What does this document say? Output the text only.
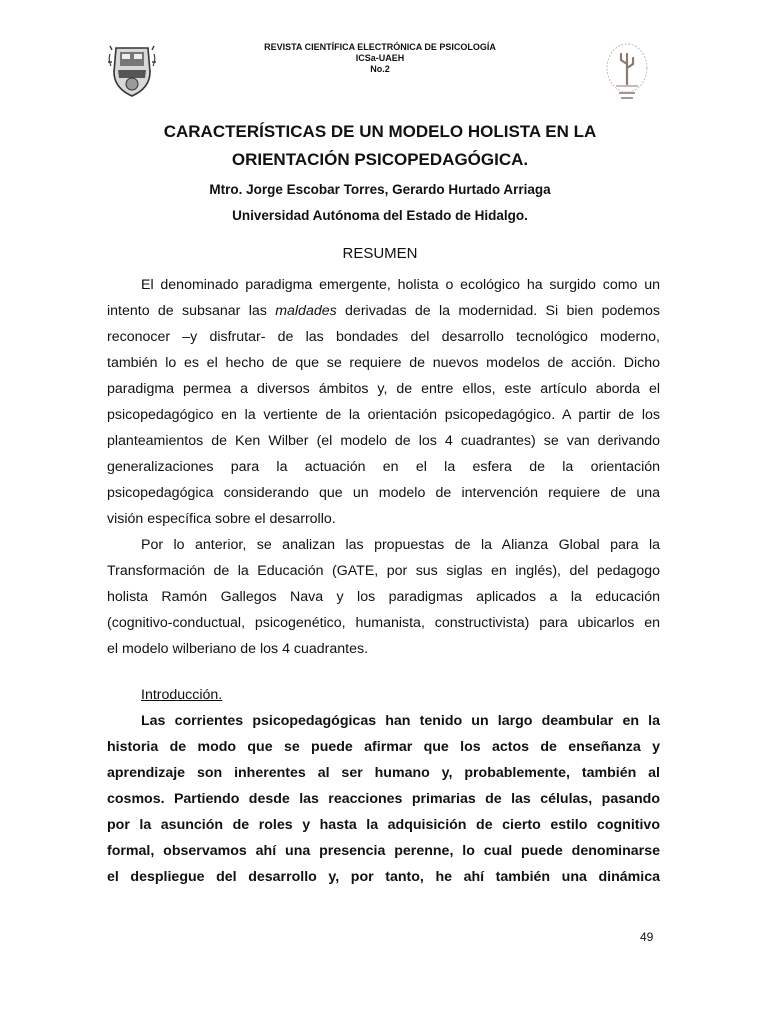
REVISTA CIENTÍFICA ELECTRÓNICA DE PSICOLOGÍA
ICSa-UAEH
No.2
CARACTERÍSTICAS DE UN MODELO HOLISTA EN LA
ORIENTACIÓN PSICOPEDAGÓGICA.
Mtro. Jorge Escobar Torres, Gerardo Hurtado Arriaga
Universidad Autónoma del Estado de Hidalgo.
RESUMEN
El denominado paradigma emergente, holista o ecológico ha surgido como un
intento de subsanar las maldades derivadas de la modernidad. Si bien podemos
reconocer –y disfrutar- de las bondades del desarrollo tecnológico moderno,
también lo es el hecho de que se requiere de nuevos modelos de acción. Dicho
paradigma permea a diversos ámbitos y, de entre ellos, este artículo aborda el
psicopedagógico en la vertiente de la orientación psicopedagógico. A partir de los
planteamientos de Ken Wilber (el modelo de los 4 cuadrantes) se van derivando
generalizaciones para la actuación en el la esfera de la orientación
psicopedagógica considerando que un modelo de intervención requiere de una
visión específica sobre el desarrollo.
Por lo anterior, se analizan las propuestas de la Alianza Global para la
Transformación de la Educación (GATE, por sus siglas en inglés), del pedagogo
holista Ramón Gallegos Nava y los paradigmas aplicados a la educación
(cognitivo-conductual, psicogenético, humanista, constructivista) para ubicarlos en
el modelo wilberiano de los 4 cuadrantes.
Introducción.
Las corrientes psicopedagógicas han tenido un largo deambular en la
historia de modo que se puede afirmar que los actos de enseñanza y
aprendizaje son inherentes al ser humano y, probablemente, también al
cosmos. Partiendo desde las reacciones primarias de las células, pasando
por la asunción de roles y hasta la adquisición de cierto estilo cognitivo
formal, observamos ahí una presencia perenne, lo cual puede denominarse
el despliegue del desarrollo y, por tanto, he ahí también una dinámica
49
